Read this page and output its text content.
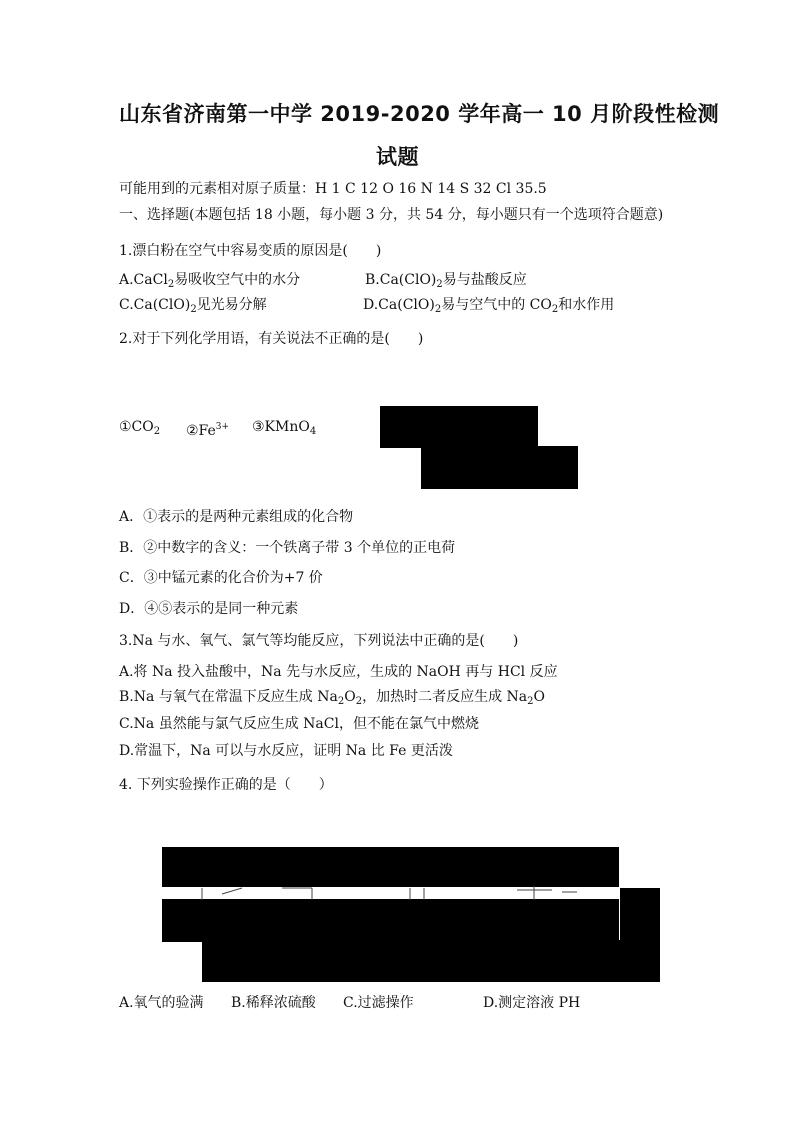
山东省济南第一中学 2019-2020 学年高一 10 月阶段性检测
试题
可能用到的元素相对原子质量：H 1 C 12 O 16 N 14 S 32 Cl 35.5
一、选择题(本题包括 18 小题，每小题 3 分，共 54 分，每小题只有一个选项符合题意)
1.漂白粉在空气中容易变质的原因是(　　)
A.CaCl$_2$易吸收空气中的水分	$B.Ca(ClO)_2$易与盐酸反应
$C.Ca(ClO)_2$见光易分解	$D.Ca(ClO)_2$易与空气中的 $CO_2$和水作用
2.对于下列化学用语，有关说法不正确的是(　　)
$①CO_2$ $②Fe^{3+}$ ③KMnO$_4$
A．①表示的是两种元素组成的化合物
B．②中数字的含义：一个铁离子带 3 个单位的正电荷
C．③中锰元素的化合价为+7 价
D．④⑤表示的是同一种元素
3.Na 与水、氧气、氯气等均能反应，下列说法中正确的是(　　)
A.将 Na 投入盐酸中，Na 先与水反应，生成的 NaOH 再与 HCl 反应
B.Na 与氧气在常温下反应生成 $Na_2O_2$，加热时二者反应生成 $Na_2O$
C.Na 虽然能与氯气反应生成 NaCl，但不能在氯气中燃烧
D.常温下，Na 可以与水反应，证明 Na 比 Fe 更活泼
4. 下列实验操作正确的是（　　）
A.氧气的验满 B.稀释浓硫酸 C.过滤操作	D.测定溶液 PH
